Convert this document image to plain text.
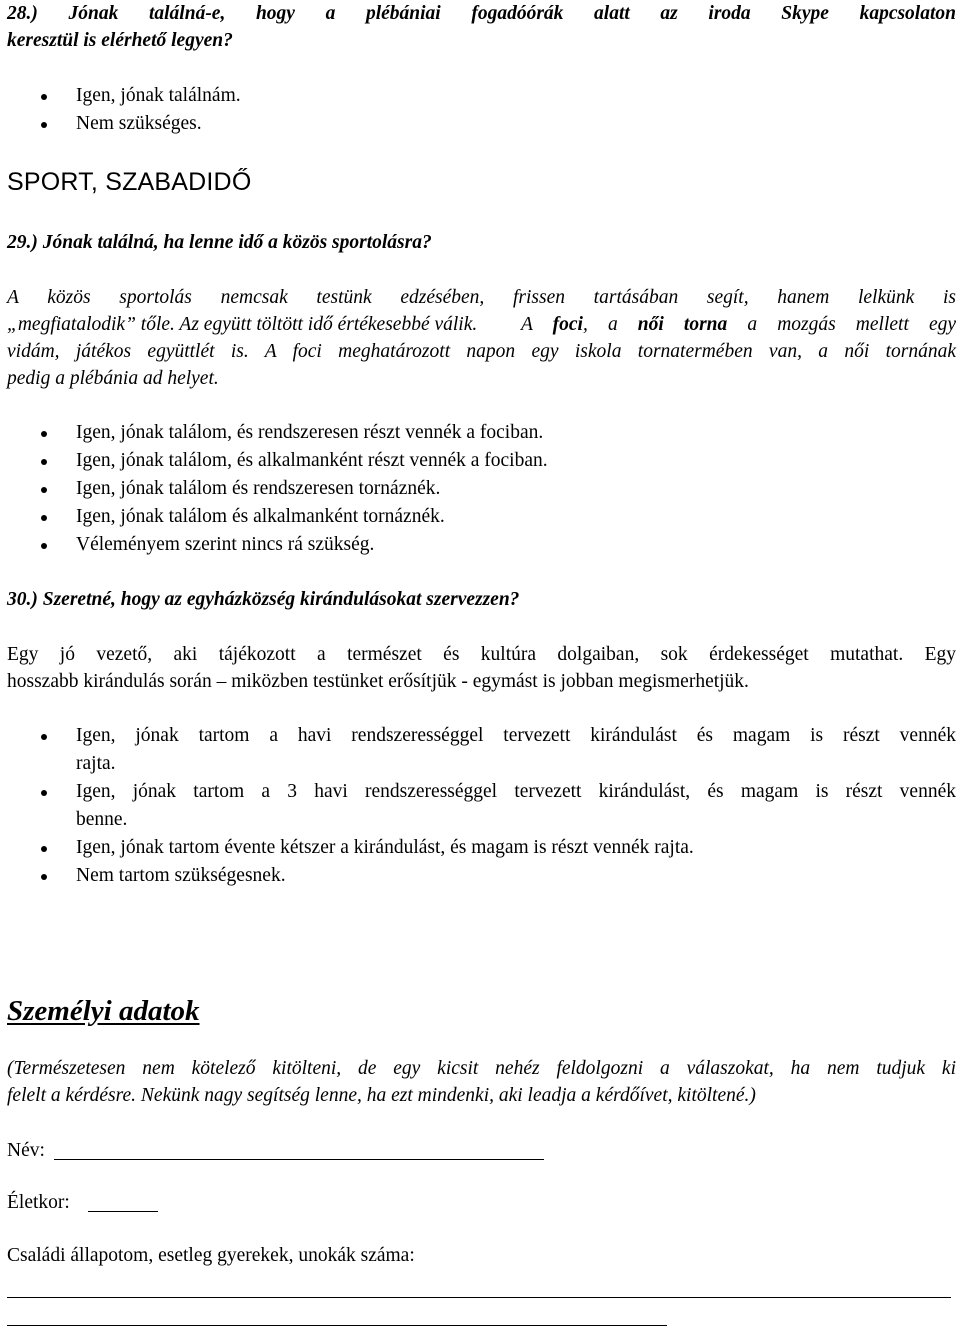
28.) Jónak találná-e, hogy a plébániai fogadóórák alatt az iroda Skype kapcsolaton
keresztül is elérhető legyen?
Igen, jónak találnám.
Nem szükséges.
SPORT, SZABADIDŐ
29.) Jónak találná, ha lenne idő a közös sportolásra?
A közös sportolás nemcsak testünk edzésében, frissen tartásában segít, hanem lelkünk is
„megfiatalodik” tőle. Az együtt töltött idő értékesebbé válik.	A foci, a női torna a mozgás mellett egy
vidám, játékos együttlét is. A foci meghatározott napon egy iskola tornatermében van, a női tornának
pedig a plébánia ad helyet.
Igen, jónak találom, és rendszeresen részt vennék a fociban.
Igen, jónak találom, és alkalmanként részt vennék a fociban.
Igen, jónak találom és rendszeresen tornáznék.
Igen, jónak találom és alkalmanként tornáznék.
Véleményem szerint nincs rá szükség.
30.) Szeretné, hogy az egyházközség kirándulásokat szervezzen?
Egy jó vezető, aki tájékozott a természet és kultúra dolgaiban, sok érdekességet mutathat. Egy
hosszabb kirándulás során – miközben testünket erősítjük - egymást is jobban megismerhetjük.
Igen, jónak tartom a havi rendszerességgel tervezett kirándulást és magam is részt vennék
rajta.
Igen, jónak tartom a 3 havi rendszerességgel tervezett kirándulást, és magam is részt vennék
benne.
Igen, jónak tartom évente kétszer a kirándulást, és magam is részt vennék rajta.
Nem tartom szükségesnek.
Személyi adatok
(Természetesen nem kötelező kitölteni, de egy kicsit nehéz feldolgozni a válaszokat, ha nem tudjuk ki
felelt a kérdésre. Nekünk nagy segítség lenne, ha ezt mindenki, aki leadja a kérdőívet, kitöltené.)
Név:
Életkor:
Családi állapotom, esetleg gyerekek, unokák száma:
